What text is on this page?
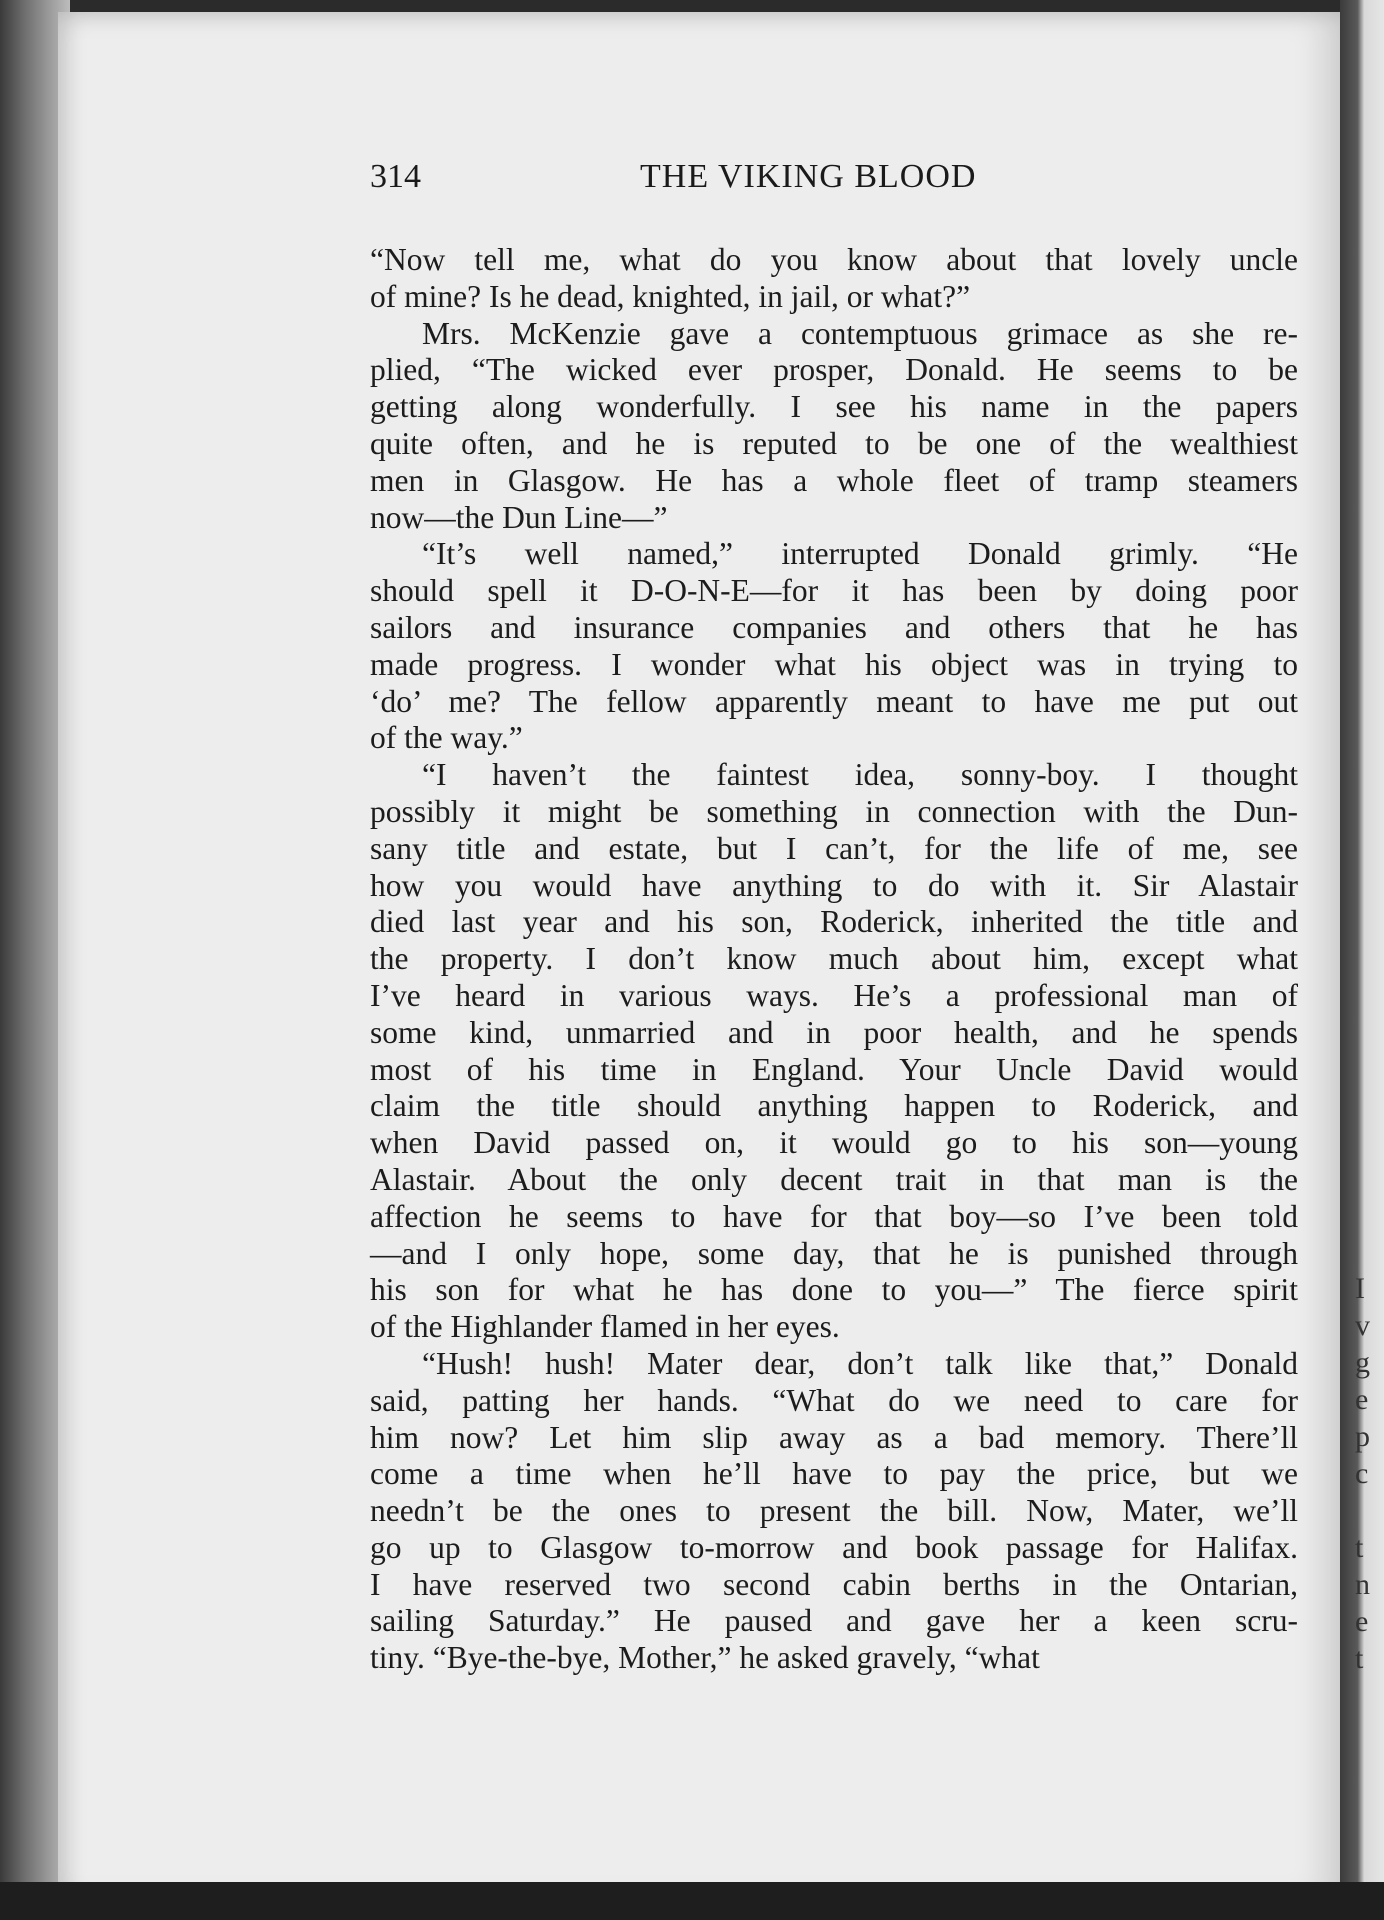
I
v
g
e
p
c

t
n
e
t
314	THE VIKING BLOOD
“Now tell me, what do you know about that lovely uncle
of mine? Is he dead, knighted, in jail, or what?”
Mrs. McKenzie gave a contemptuous grimace as she re-
plied, “The wicked ever prosper, Donald. He seems to be
getting along wonderfully. I see his name in the papers
quite often, and he is reputed to be one of the wealthiest
men in Glasgow. He has a whole fleet of tramp steamers
now—the Dun Line—”
“It’s well named,” interrupted Donald grimly. “He
should spell it D-O-N-E—for it has been by doing poor
sailors and insurance companies and others that he has
made progress. I wonder what his object was in trying to
‘do’ me? The fellow apparently meant to have me put out
of the way.”
“I haven’t the faintest idea, sonny-boy. I thought
possibly it might be something in connection with the Dun-
sany title and estate, but I can’t, for the life of me, see
how you would have anything to do with it. Sir Alastair
died last year and his son, Roderick, inherited the title and
the property. I don’t know much about him, except what
I’ve heard in various ways. He’s a professional man of
some kind, unmarried and in poor health, and he spends
most of his time in England. Your Uncle David would
claim the title should anything happen to Roderick, and
when David passed on, it would go to his son—young
Alastair. About the only decent trait in that man is the
affection he seems to have for that boy—so I’ve been told
—and I only hope, some day, that he is punished through
his son for what he has done to you—” The fierce spirit
of the Highlander flamed in her eyes.
“Hush! hush! Mater dear, don’t talk like that,” Donald
said, patting her hands. “What do we need to care for
him now? Let him slip away as a bad memory. There’ll
come a time when he’ll have to pay the price, but we
needn’t be the ones to present the bill. Now, Mater, we’ll
go up to Glasgow to-morrow and book passage for Halifax.
I have reserved two second cabin berths in the Ontarian,
sailing Saturday.” He paused and gave her a keen scru-
tiny. “Bye-the-bye, Mother,” he asked gravely, “what
